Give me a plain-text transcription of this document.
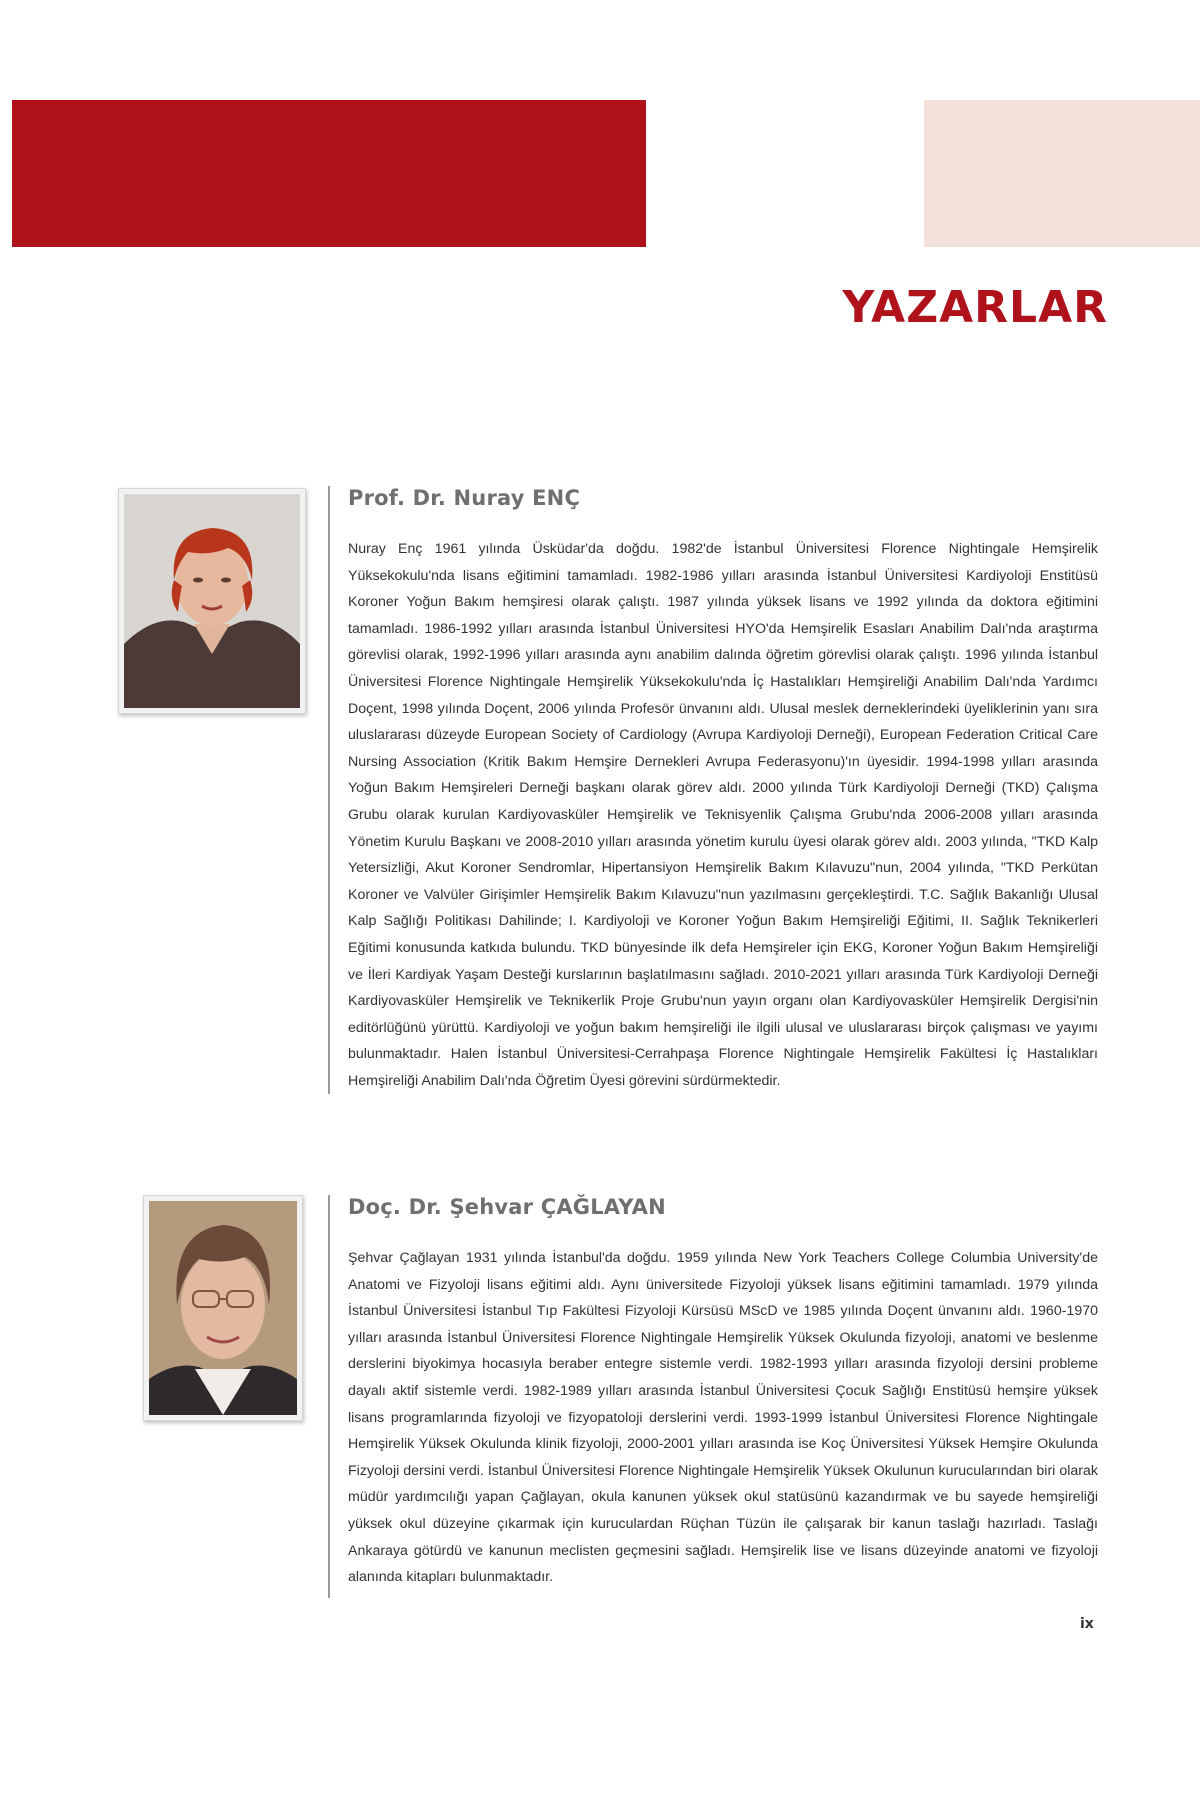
YAZARLAR
Prof. Dr. Nuray ENÇ

Nuray Enç 1961 yılında Üsküdar'da doğdu. 1982'de İstanbul Üniversitesi Florence Nightingale Hemşirelik Yüksekokulu'nda lisans eğitimini tamamladı. 1982-1986 yılları arasında İstanbul Üniversitesi Kardiyoloji Enstitüsü Koroner Yoğun Bakım hemşiresi olarak çalıştı. 1987 yılında yüksek lisans ve 1992 yılında da doktora eğitimini tamamladı. 1986-1992 yılları arasında İstanbul Üniversitesi HYO'da Hemşirelik Esasları Anabilim Dalı'nda araştırma görevlisi olarak, 1992-1996 yılları arasında aynı anabilim dalında öğretim görevlisi olarak çalıştı. 1996 yılında İstanbul Üniversitesi Florence Nightingale Hemşirelik Yüksekokulu'nda İç Hastalıkları Hemşireliği Anabilim Dalı'nda Yardımcı Doçent, 1998 yılında Doçent, 2006 yılında Profesör ünvanını aldı. Ulusal meslek derneklerindeki üyeliklerinin yanı sıra uluslararası düzeyde European Society of Cardiology (Avrupa Kardiyoloji Derneği), European Federation Critical Care Nursing Association (Kritik Bakım Hemşire Dernekleri Avrupa Federasyonu)'ın üyesidir. 1994-1998 yılları arasında Yoğun Bakım Hemşireleri Derneği başkanı olarak görev aldı. 2000 yılında Türk Kardiyoloji Derneği (TKD) Çalışma Grubu olarak kurulan Kardiyovasküler Hemşirelik ve Teknisyenlik Çalışma Grubu'nda 2006-2008 yılları arasında Yönetim Kurulu Başkanı ve 2008-2010 yılları arasında yönetim kurulu üyesi olarak görev aldı. 2003 yılında, "TKD Kalp Yetersizliği, Akut Koroner Sendromlar, Hipertansiyon Hemşirelik Bakım Kılavuzu"nun, 2004 yılında, "TKD Perkütan Koroner ve Valvüler Girişimler Hemşirelik Bakım Kılavuzu"nun yazılmasını gerçekleştirdi. T.C. Sağlık Bakanlığı Ulusal Kalp Sağlığı Politikası Dahilinde; I. Kardiyoloji ve Koroner Yoğun Bakım Hemşireliği Eğitimi, II. Sağlık Teknikerleri Eğitimi konusunda katkıda bulundu. TKD bünyesinde ilk defa Hemşireler için EKG, Koroner Yoğun Bakım Hemşireliği ve İleri Kardiyak Yaşam Desteği kurslarının başlatılmasını sağladı. 2010-2021 yılları arasında Türk Kardiyoloji Derneği Kardiyovasküler Hemşirelik ve Teknikerlik Proje Grubu'nun yayın organı olan Kardiyovasküler Hemşirelik Dergisi'nin editörlüğünü yürüttü. Kardiyoloji ve yoğun bakım hemşireliği ile ilgili ulusal ve uluslararası birçok çalışması ve yayımı bulunmaktadır. Halen İstanbul Üniversitesi-Cerrahpaşa Florence Nightingale Hemşirelik Fakültesi İç Hastalıkları Hemşireliği Anabilim Dalı'nda Öğretim Üyesi görevini sürdürmektedir.

Doç. Dr. Şehvar ÇAĞLAYAN

Şehvar Çağlayan 1931 yılında İstanbul'da doğdu. 1959 yılında New York Teachers College Columbia University'de Anatomi ve Fizyoloji lisans eğitimi aldı. Aynı üniversitede Fizyoloji yüksek lisans eğitimini tamamladı. 1979 yılında İstanbul Üniversitesi İstanbul Tıp Fakültesi Fizyoloji Kürsüsü MScD ve 1985 yılında Doçent ünvanını aldı. 1960-1970 yılları arasında İstanbul Üniversitesi Florence Nightingale Hemşirelik Yüksek Okulunda fizyoloji, anatomi ve beslenme derslerini biyokimya hocasıyla beraber entegre sistemle verdi. 1982-1993 yılları arasında fizyoloji dersini probleme dayalı aktif sistemle verdi. 1982-1989 yılları arasında İstanbul Üniversitesi Çocuk Sağlığı Enstitüsü hemşire yüksek lisans programlarında fizyoloji ve fizyopatoloji derslerini verdi. 1993-1999 İstanbul Üniversitesi Florence Nightingale Hemşirelik Yüksek Okulunda klinik fizyoloji, 2000-2001 yılları arasında ise Koç Üniversitesi Yüksek Hemşire Okulunda Fizyoloji dersini verdi. İstanbul Üniversitesi Florence Nightingale Hemşirelik Yüksek Okulunun kurucularından biri olarak müdür yardımcılığı yapan Çağlayan, okula kanunen yüksek okul statüsünü kazandırmak ve bu sayede hemşireliği yüksek okul düzeyine çıkarmak için kuruculardan Rüçhan Tüzün ile çalışarak bir kanun taslağı hazırladı. Taslağı Ankaraya götürdü ve kanunun meclisten geçmesini sağladı. Hemşirelik lise ve lisans düzeyinde anatomi ve fizyoloji alanında kitapları bulunmaktadır.

ix
